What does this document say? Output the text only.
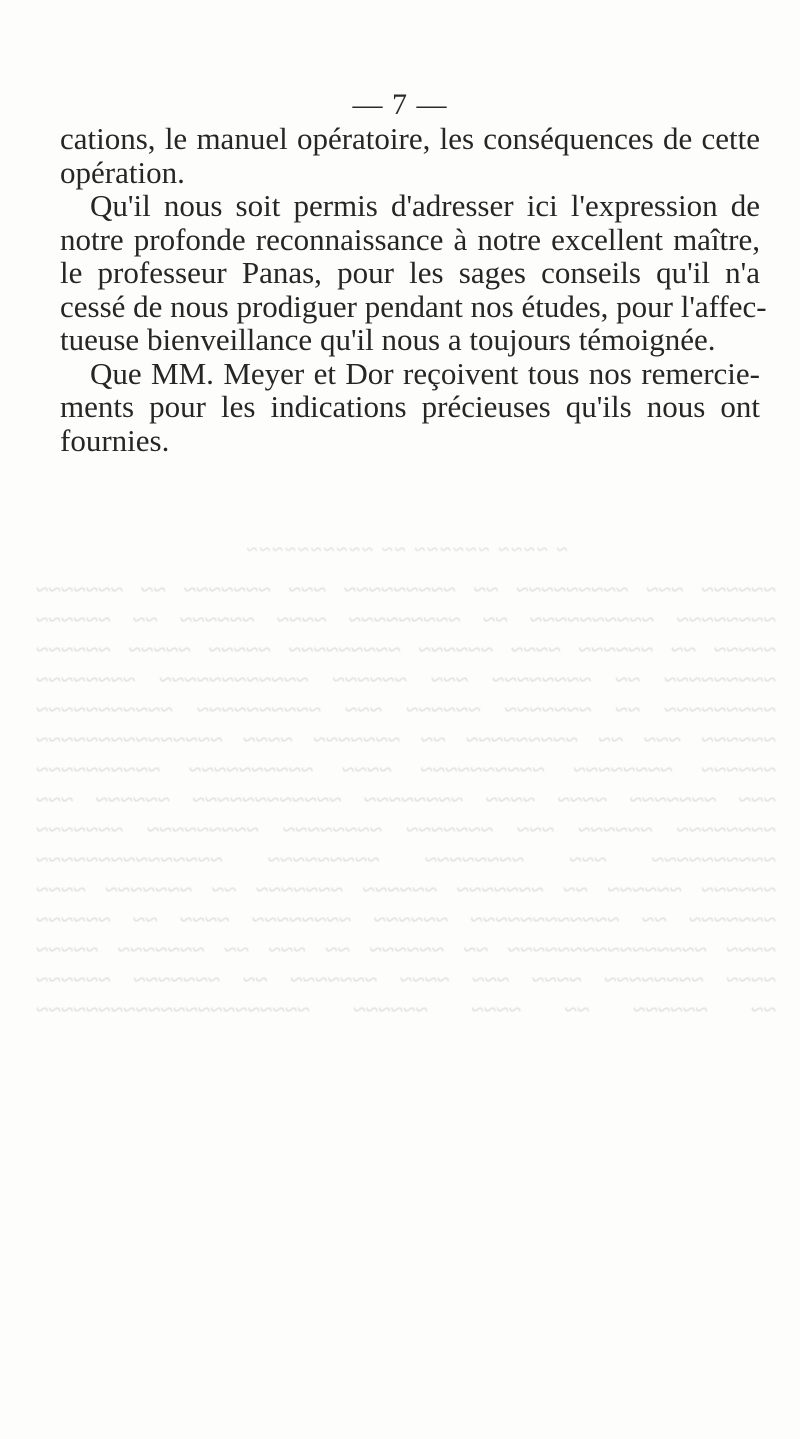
— 7 —
cations, le manuel opératoire, les conséquences de cette
opération.
Qu'il nous soit permis d'adresser ici l'expression de
notre profonde reconnaissance à notre excellent maître,
le professeur Panas, pour les sages conseils qu'il n'a
cessé de nous prodiguer pendant nos études, pour l'affec-
tueuse bienveillance qu'il nous a toujours témoignée.
Que MM. Meyer et Dor reçoivent tous nos remercie-
ments pour les indications précieuses qu'ils nous ont
fournies.
~ ~~~~ ~~~~~~ ~~ ~~~~~~~~~~
~~~~~~ ~~~ ~~~~~~~~~ ~~ ~~~~~~~~~ ~~~ ~~~~~~~ ~~ ~~~~~~~
~~~~~~~~ ~~~~~~~~~~ ~~ ~~~~~~~~~ ~~~~ ~~~~~~ ~~ ~~~~~~
~~~~~ ~~ ~~~~~~ ~~~~ ~~~~~~ ~~~~~~~~~ ~~~~~ ~~~~~ ~~~~~~
~~~~~~~~~ ~~ ~~~~~~~~ ~~~ ~~~~~~ ~~~~~~~~~~~~ ~~~~~~~~
~~~~~~~~~ ~~ ~~~~~~~ ~~~~~~ ~~~ ~~~~~~~~~~ ~~~~~~~~~~~
~~~~~~ ~~~ ~~ ~~~~~~~~~ ~~ ~~~~~~~ ~~~~ ~~~~~~~~~~~~~~~
~~~~~~ ~~~~~~~~ ~~~~~~~~~~ ~~~~ ~~~~~~~~~~ ~~~~~~~~~~
~~~ ~~~~~~~ ~~~~ ~~~~ ~~~~~~~~ ~~~~~~~~~~~~ ~~~~~~ ~~~
~~~~~~~~ ~~~~~~ ~~~ ~~~~~~~ ~~~~~~~~ ~~~~~~~~~ ~~~~~~~
~~~~~~~~~~ ~~~ ~~~~~~~~ ~~~~~~~~~ ~~~~~~~~~~~~~~~
~~~~~~ ~~~~~~ ~~ ~~~~~~~ ~~~~~~ ~~~~~~~ ~~ ~~~~~~~ ~~~~
~~~~~~~ ~~ ~~~~~~~~~~~~ ~~~~~~ ~~~~~~~~ ~~~~ ~~ ~~~~~~
~~~~ ~~~~~~~~~~~~~~~~ ~~ ~~~~~~ ~~ ~~~ ~~ ~~~~~~~ ~~~~~
~~~~ ~~~~~~~~ ~~~~ ~~~ ~~~~ ~~~~~~~ ~~ ~~~~~~~ ~~~~~~
~~ ~~~~~~ ~~ ~~~~ ~~~~~~ ~~~~~~~~~~~~~~~~~~~~~~
